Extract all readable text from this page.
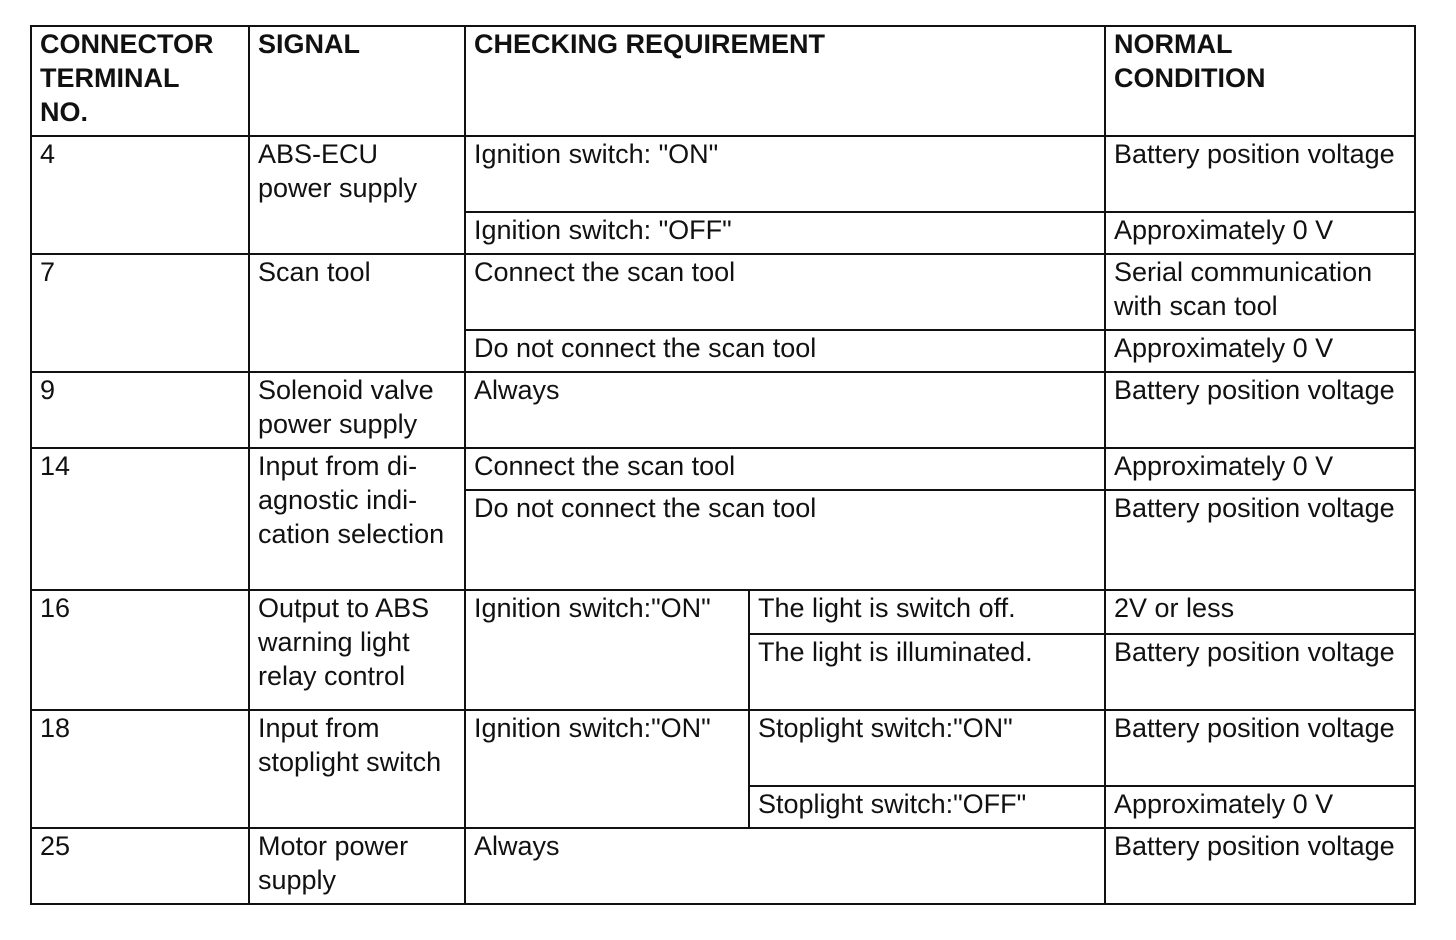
CONNECTOR TERMINAL NO.	SIGNAL	CHECKING REQUIREMENT		NORMAL CONDITION
4	ABS-ECU power supply	Ignition switch: "ON"		Battery position voltage
		Ignition switch: "OFF"		Approximately 0 V
7	Scan tool	Connect the scan tool		Serial communication with scan tool
		Do not connect the scan tool		Approximately 0 V
9	Solenoid valve power supply	Always		Battery position voltage
14	Input from di-agnostic indi-cation selection	Connect the scan tool		Approximately 0 V
		Do not connect the scan tool		Battery position voltage
16	Output to ABS warning light relay control	Ignition switch:"ON"	The light is switch off.	2V or less
			The light is illuminated.	Battery position voltage
18	Input from stoplight switch	Ignition switch:"ON"	Stoplight switch:"ON"	Battery position voltage
			Stoplight switch:"OFF"	Approximately 0 V
25	Motor power supply	Always		Battery position voltage
